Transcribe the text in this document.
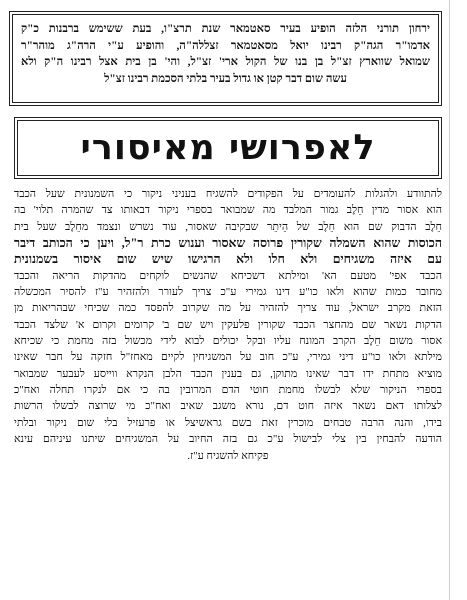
ירחון תורני הלזה הופיע בעיר סאטמאר שנת תרצ"ו, בעת ששימש ברבנות כ"ק
אדמו"ר הגה"ק רבינו יואל מסאטמאר זצללה"ה, והופיע ע"י הרה"ג מוהר"ר
שמואל שווארץ זצ"ל בן בנו של הקול ארי' זצ"ל, והי' בן בית אצל רבינו ה"ק ולא
עשה שום דבר קטן או גדול בעיר בלתי הסכמת רבינו זצ"ל
לאפרושי מאיסורי
להתוודע ולהגלות להעומדים על הפקודים להשגיח בעניני ניקור כי השמנונית שעל הכבד
הוא אסור מדין חֵלֶב גמור המלבד מה שמבואר בספרי ניקור דבאותו צד שהמרה תלוי' בה
חֵלֶב הדבוק שם הוא חֵלֶב של הֵיתֵר שבקיבה שאסור, עוד נשרש ונצמד מחֵלֶב שעל בית
הכוסות שהוא השמלה שקורין פרוסה שאסור וענוש כרת ר"ל, ויען כי הכותב דיבר
עם איזה משגיחים ולא חלו ולא הרגישו שיש שום איסור בשמנונית
הכבד אפי' מטעם הא' ומילתא דשכיחא שהנשים לוקחים מהדקות הריאה והכבד
מחובר כמות שהוא ולאו כו"ע דינו גמירי ע"כ צריך לעורר ולהזהיר ע"ז להסיר המכשלה
הזאת מקרב ישראל, עוד צריך להזהיר על מה שקרוב להפסד כמה שכיחי שבהריאות מן
הדקות נשאר שם מהחצר הכבד שקורין פלעקין ויש שם ב' קרומים וקרום א' שלצד הכבד
אסור משום חֵלֶב הקרב המונח עליו ובקל יכולים לבוא לידי מכשול בזה מחמת כי שכיחא
מילתא ולאו כו"ע דיני גמירי, ע"כ חוב על המשגיחין לקיים מאחז"ל חזקה על חבר שאינו
מוציא מתחת ידו דבר שאינו מתוקן, גם בענין הכבד הלבן הנקרא ווייסע לעבער שמבואר
בספרי הניקור שלא לבשלו מחמת חוטי הדם המרובין בה כי אם לנקרו תחלה ואח"כ
לצלותו דאם נשאר איזה חוט דם, נורא משגב שאיב ואח"כ מי שרוצה לבשלו הרשות
בידו, והנה הרבה טבחים מוכרין זאת בשם גראשיצל או פרעזיל בלי שום ניקור ובלתי
הודעה להבחין בין צלי לבישול ע"כ גם בזה החיוב על המשגיחים שיתנו עיניהם עינא
פקיחא להשגיח ע"ז.
